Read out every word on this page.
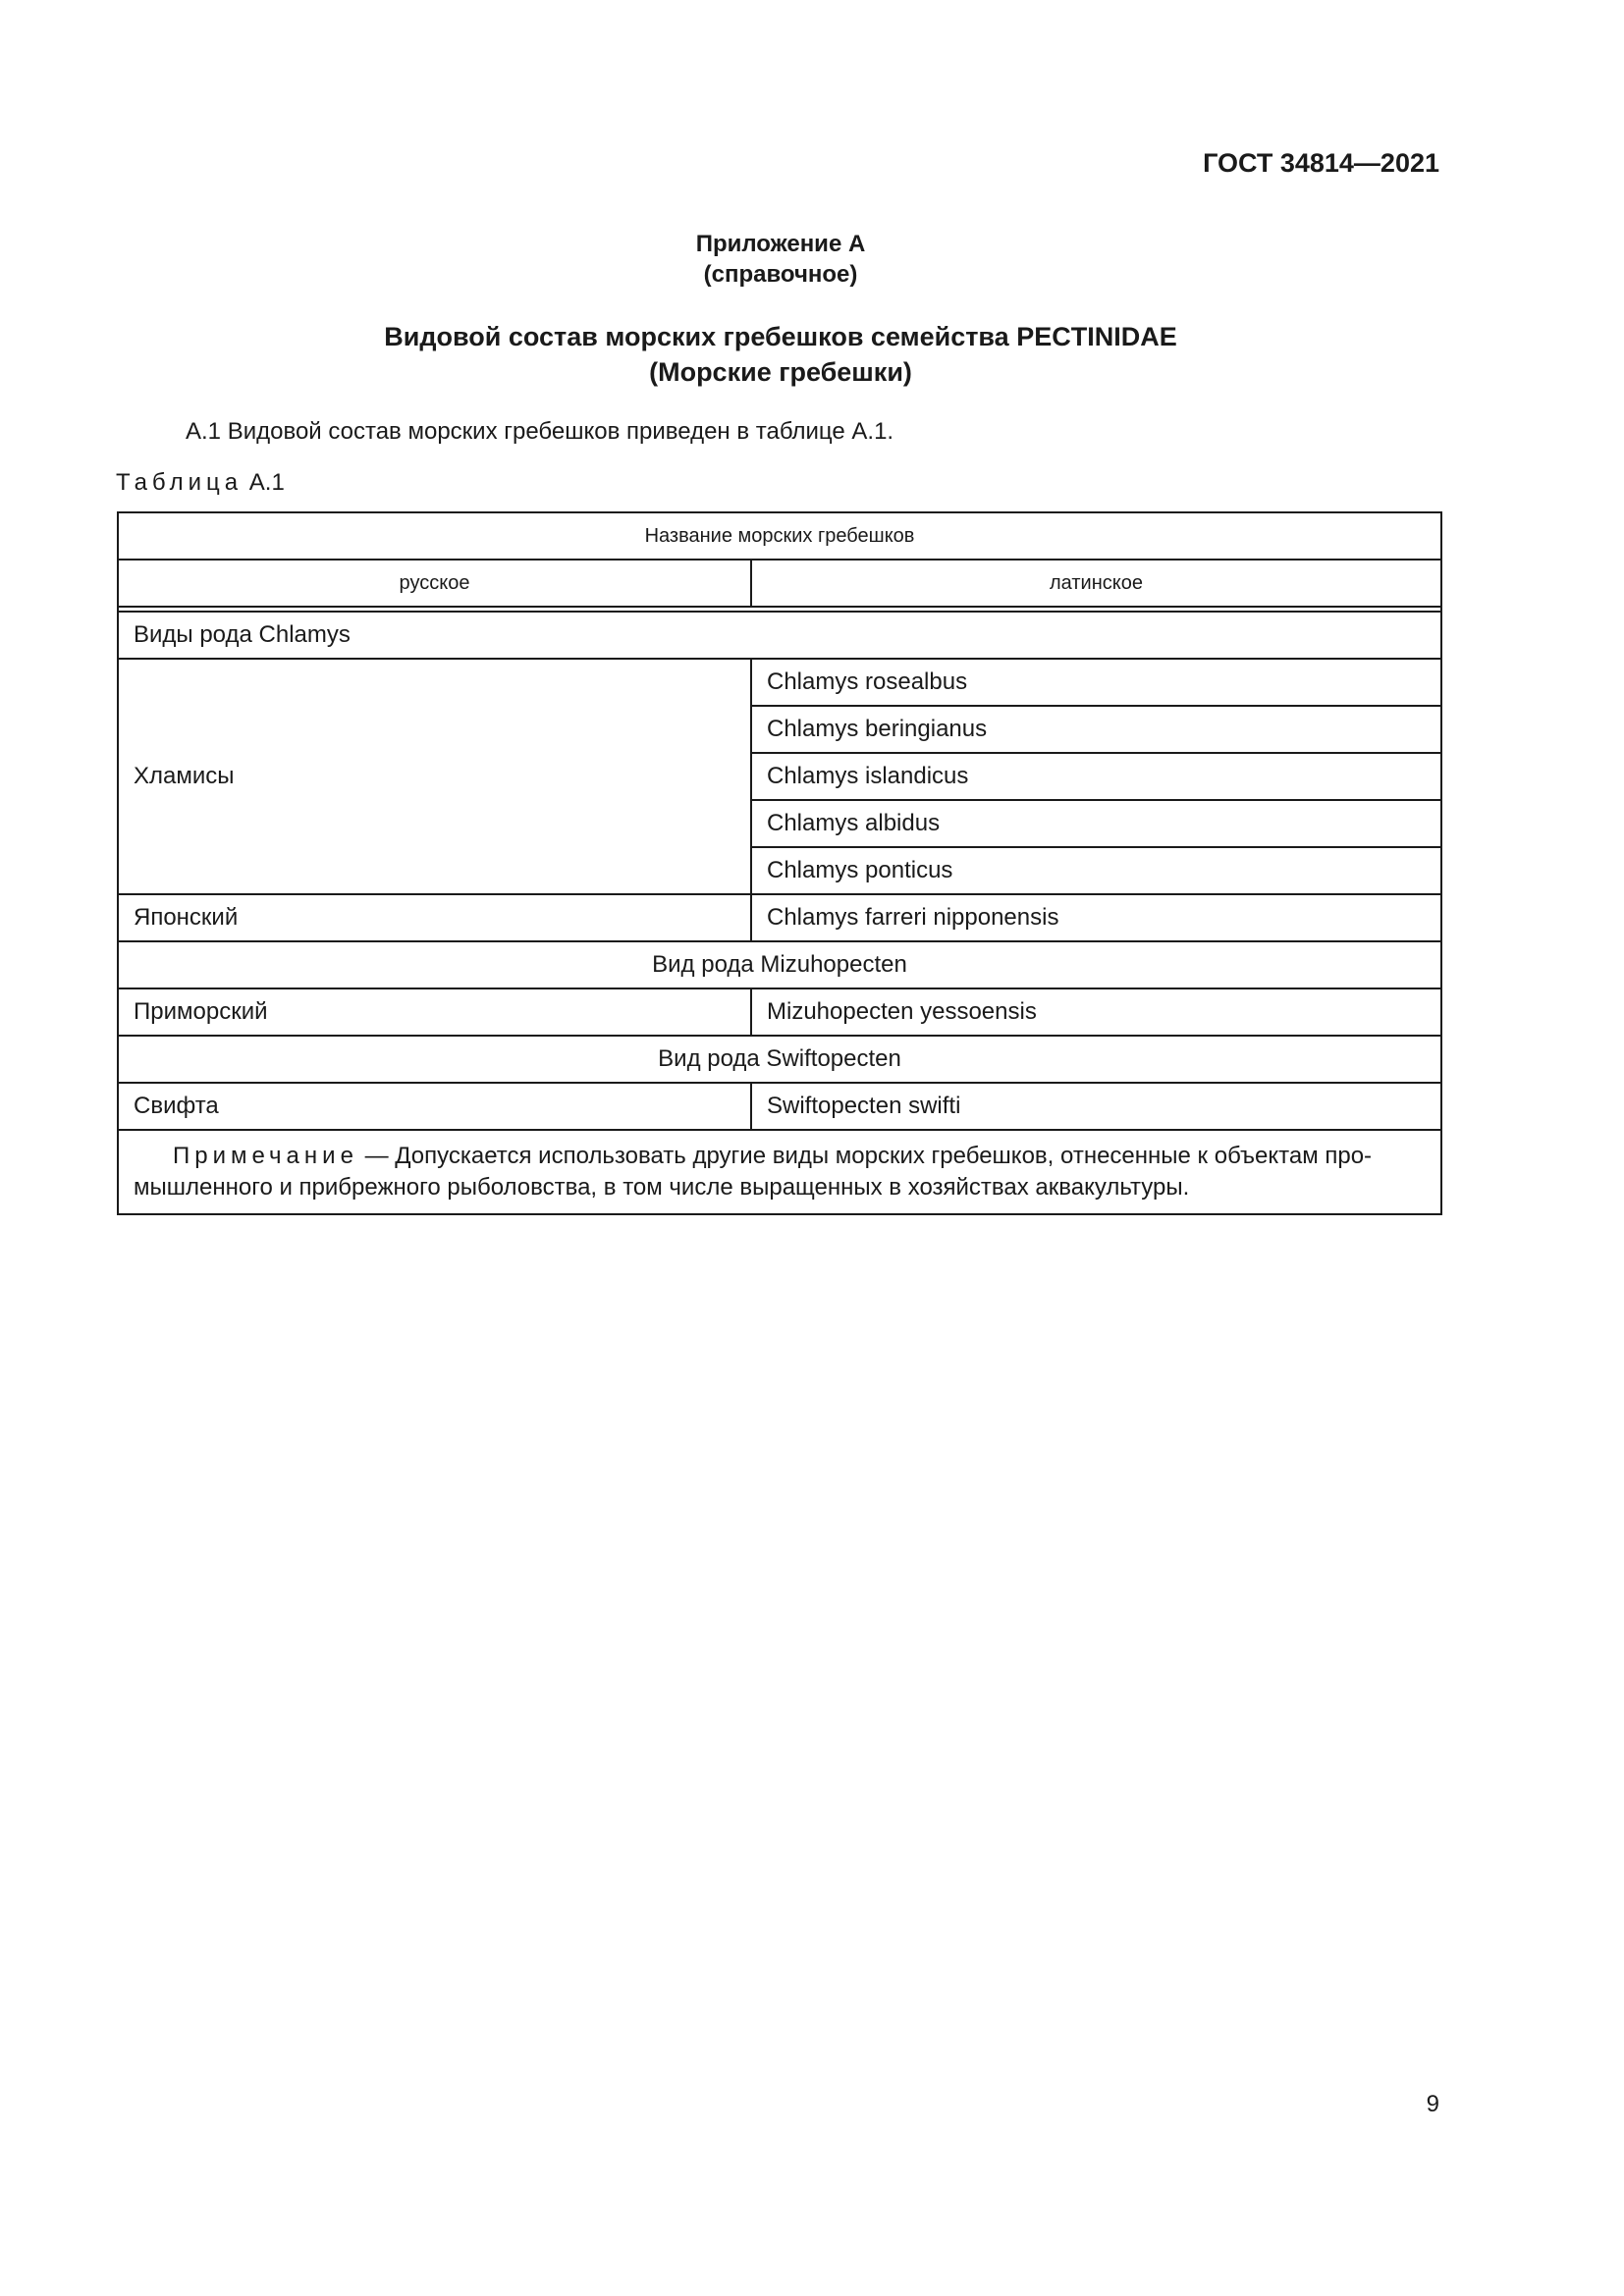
ГОСТ 34814—2021
Приложение А
(справочное)
Видовой состав морских гребешков семейства PECTINIDAE
(Морские гребешки)
А.1 Видовой состав морских гребешков приведен в таблице А.1.
Таблица А.1
Название морских гребешков	
русское	латинское

Виды рода Chlamys	
Хламисы	Chlamys rosealbus
	Chlamys beringianus
	Chlamys islandicus
	Chlamys albidus
	Chlamys ponticus
Японский	Chlamys farreri nipponensis
Вид рода Mizuhopecten	
Приморский	Mizuhopecten yessoensis
Вид рода Swiftopecten	
Свифта	Swiftopecten swifti
Примечание — Допускается использовать другие виды морских гребешков, отнесенные к объектам про-мышленного и прибрежного рыболовства, в том числе выращенных в хозяйствах аквакультуры.	
9
